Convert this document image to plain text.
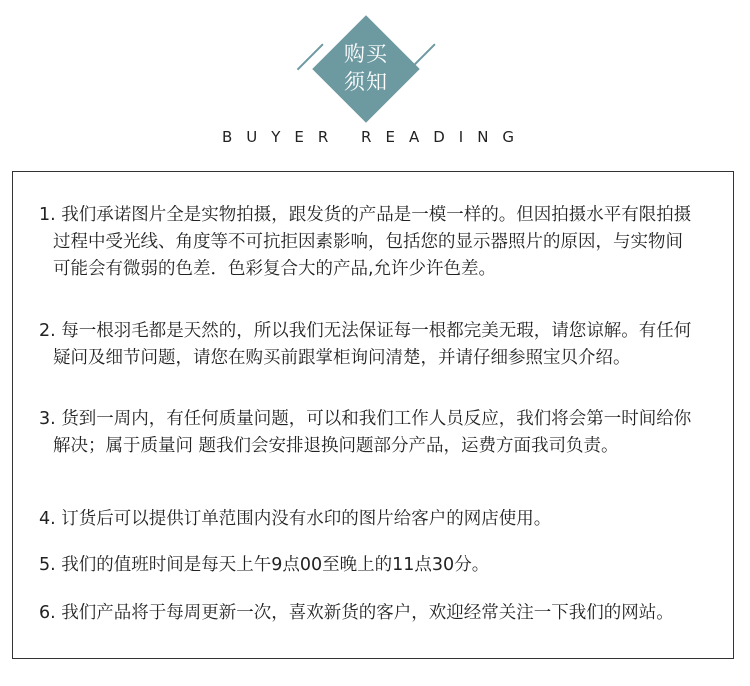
购买
须知
BUYER READING
1. 我们承诺图片全是实物拍摄，跟发货的产品是一模一样的。但因拍摄水平有限拍摄过程中受光线、角度等不可抗拒因素影响，包括您的显示器照片的原因，与实物间可能会有微弱的色差．色彩复合大的产品,允许少许色差。
2. 每一根羽毛都是天然的，所以我们无法保证每一根都完美无瑕，请您谅解。有任何疑问及细节问题，请您在购买前跟掌柜询问清楚，并请仔细参照宝贝介绍。
3. 货到一周内，有任何质量问题，可以和我们工作人员反应，我们将会第一时间给你解决；属于质量问 题我们会安排退换问题部分产品，运费方面我司负责。
4. 订货后可以提供订单范围内没有水印的图片给客户的网店使用。
5. 我们的值班时间是每天上午9点00至晚上的11点30分。
6. 我们产品将于每周更新一次，喜欢新货的客户，欢迎经常关注一下我们的网站。
